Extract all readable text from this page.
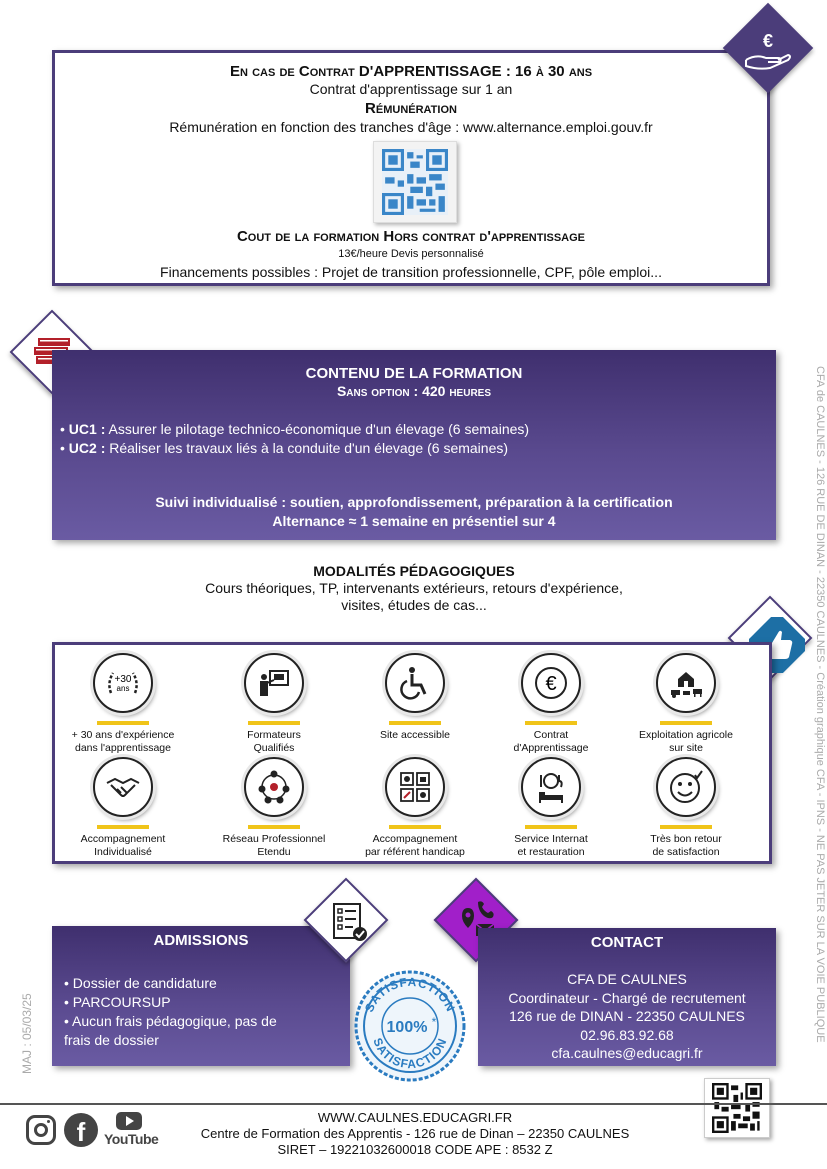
En cas de Contrat D'APPRENTISSAGE : 16 à 30 ans
Contrat d'apprentissage sur 1 an
Rémunération
Rémunération en fonction des tranches d'âge : www.alternance.emploi.gouv.fr
Cout de la formation Hors contrat d'apprentissage
13€/heure Devis personnalisé
Financements possibles : Projet de transition professionnelle, CPF, pôle emploi...
€
CONTENU DE LA FORMATION
Sans option : 420 heures
• UC1 : Assurer le pilotage technico-économique d'un élevage (6 semaines)
• UC2 : Réaliser les travaux liés à la conduite d'un élevage (6 semaines)
Suivi individualisé : soutien, approfondissement, préparation à la certification
Alternance ≈ 1 semaine en présentiel sur 4
MODALITÉS PÉDAGOGIQUES
Cours théoriques, TP, intervenants extérieurs, retours d'expérience,
visites, études de cas...
+30
ans
+ 30 ans d'expérience
dans l'apprentissage
Formateurs
Qualifiés
Site accessible
€
Contrat
d'Apprentissage
Exploitation agricole
sur site
Accompagnement
Individualisé
Réseau Professionnel
Etendu
Accompagnement
par référent handicap
Service Internat
et restauration
Très bon retour
de satisfaction
ADMISSIONS
• Dossier de candidature
• PARCOURSUP
• Aucun frais pédagogique, pas de
frais de dossier
SATISFACTION
SATISFACTION
100% *
CONTACT
CFA DE CAULNES
Coordinateur - Chargé de recrutement
126 rue de DINAN - 22350 CAULNES
02.96.83.92.68
cfa.caulnes@educagri.fr
f	YouTube
WWW.CAULNES.EDUCAGRI.FR
Centre de Formation des Apprentis - 126 rue de Dinan – 22350 CAULNES
SIRET – 19221032600018 CODE APE : 8532 Z
CFA de CAULNES - 126 RUE DE DINAN - 22350 CAULNES - Création graphique CFA - IPNS - NE PAS JETER SUR LA VOIE PUBLIQUE
MAJ : 05/03/25
